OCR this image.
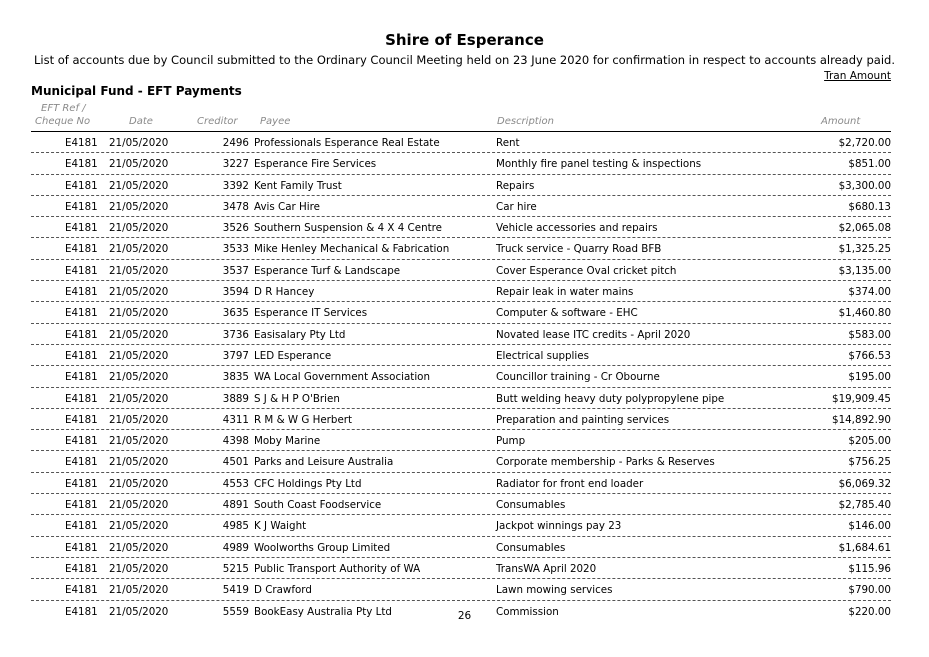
Shire of Esperance
List of accounts due by Council submitted to the Ordinary Council Meeting held on 23 June 2020 for confirmation in respect to accounts already paid.
Tran Amount
Municipal Fund - EFT Payments
EFT Ref /
Cheque No	Date	Creditor Payee	Description	Amount
E4181 21/05/2020	2496 Professionals Esperance Real Estate	Rent	$2,720.00
E4181 21/05/2020	3227 Esperance Fire Services	Monthly fire panel testing & inspections	$851.00
E4181 21/05/2020	3392 Kent Family Trust	Repairs	$3,300.00
E4181 21/05/2020	3478 Avis Car Hire	Car hire	$680.13
E4181 21/05/2020	3526 Southern Suspension & 4 X 4 Centre	Vehicle accessories and repairs	$2,065.08
E4181 21/05/2020	3533 Mike Henley Mechanical & Fabrication	Truck service - Quarry Road BFB	$1,325.25
E4181 21/05/2020	3537 Esperance Turf & Landscape	Cover Esperance Oval cricket pitch	$3,135.00
E4181 21/05/2020	3594 D R Hancey	Repair leak in water mains	$374.00
E4181 21/05/2020	3635 Esperance IT Services	Computer & software - EHC	$1,460.80
E4181 21/05/2020	3736 Easisalary Pty Ltd	Novated lease ITC credits - April 2020	$583.00
E4181 21/05/2020	3797 LED Esperance	Electrical supplies	$766.53
E4181 21/05/2020	3835 WA Local Government Association	Councillor training - Cr Obourne	$195.00
E4181 21/05/2020	3889 S J & H P O'Brien	Butt welding heavy duty polypropylene pipe	$19,909.45
E4181 21/05/2020	4311 R M & W G Herbert	Preparation and painting services	$14,892.90
E4181 21/05/2020	4398 Moby Marine	Pump	$205.00
E4181 21/05/2020	4501 Parks and Leisure Australia	Corporate membership - Parks & Reserves	$756.25
E4181 21/05/2020	4553 CFC Holdings Pty Ltd	Radiator for front end loader	$6,069.32
E4181 21/05/2020	4891 South Coast Foodservice	Consumables	$2,785.40
E4181 21/05/2020	4985 K J Waight	Jackpot winnings pay 23	$146.00
E4181 21/05/2020	4989 Woolworths Group Limited	Consumables	$1,684.61
E4181 21/05/2020	5215 Public Transport Authority of WA	TransWA April 2020	$115.96
E4181 21/05/2020	5419 D Crawford	Lawn mowing services	$790.00
E4181 21/05/2020	5559 BookEasy Australia Pty Ltd	Commission	$220.00
26
